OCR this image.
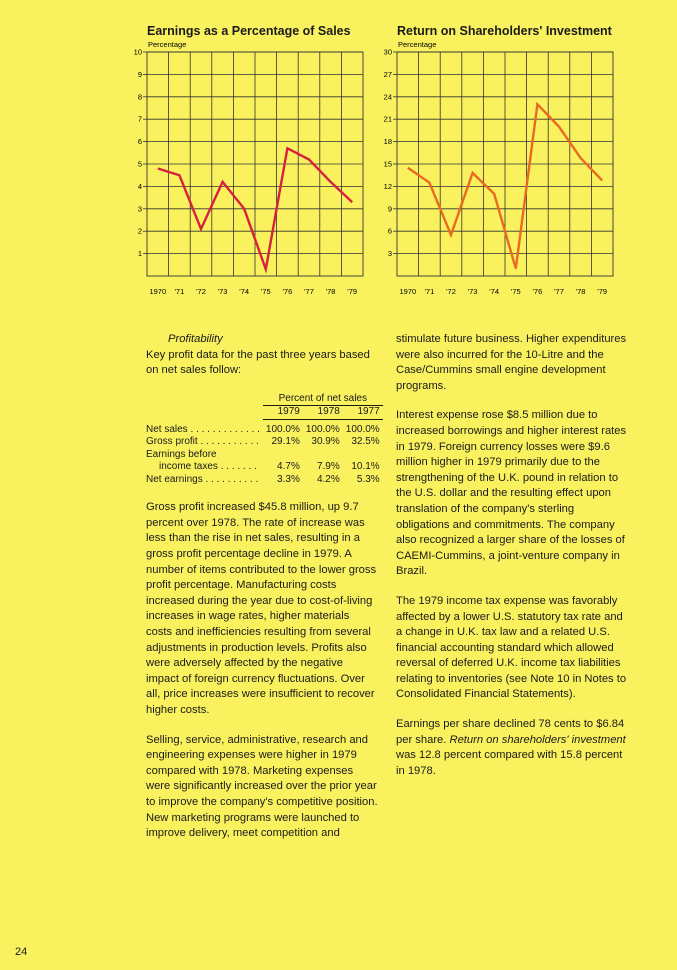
Earnings as a Percentage of Sales
Percentage
1
2
3
4
5
6
7
8
9
10
1970 '71 '72 '73 '74 '75 '76 '77 '78 '79
Return on Shareholders' Investment
Percentage
3
6
9
12
15
18
21
24
27
30
1970 '71 '72 '73 '74 '75 '76 '77 '78 '79
Profitability

Key profit data for the past three years based on net sales follow:

	Percent of net sales		
	1979	1978	1977

Net sales . . . . . . . . . . . . .	100.0%	100.0%	100.0%
Gross profit . . . . . . . . . . .	29.1%	30.9%	32.5%
Earnings before			
income taxes . . . . . . .	4.7%	7.9%	10.1%
Net earnings . . . . . . . . . .	3.3%	4.2%	5.3%

Gross profit increased $45.8 million, up 9.7 percent over 1978. The rate of increase was less than the rise in net sales, resulting in a gross profit percentage decline in 1979. A number of items contributed to the lower gross profit percentage. Manufacturing costs increased during the year due to cost-of-living increases in wage rates, higher materials costs and inefficiencies resulting from several adjustments in production levels. Profits also were adversely affected by the negative impact of foreign currency fluctuations. Over all, price increases were insufficient to recover higher costs.

Selling, service, administrative, research and engineering expenses were higher in 1979 compared with 1978. Marketing expenses were significantly increased over the prior year to improve the company's competitive position. New marketing programs were launched to improve delivery, meet competition and

stimulate future business. Higher expenditures were also incurred for the 10-Litre and the Case/Cummins small engine development programs.

Interest expense rose $8.5 million due to increased borrowings and higher interest rates in 1979. Foreign currency losses were $9.6 million higher in 1979 primarily due to the strengthening of the U.K. pound in relation to the U.S. dollar and the resulting effect upon translation of the company's sterling obligations and commitments. The company also recognized a larger share of the losses of CAEMI-Cummins, a joint-venture company in Brazil.

The 1979 income tax expense was favorably affected by a lower U.S. statutory tax rate and a change in U.K. tax law and a related U.S. financial accounting standard which allowed reversal of deferred U.K. income tax liabilities relating to inventories (see Note 10 in Notes to Consolidated Financial Statements).

Earnings per share declined 78 cents to $6.84 per share. Return on shareholders' investment was 12.8 percent compared with 15.8 percent in 1978.

24
